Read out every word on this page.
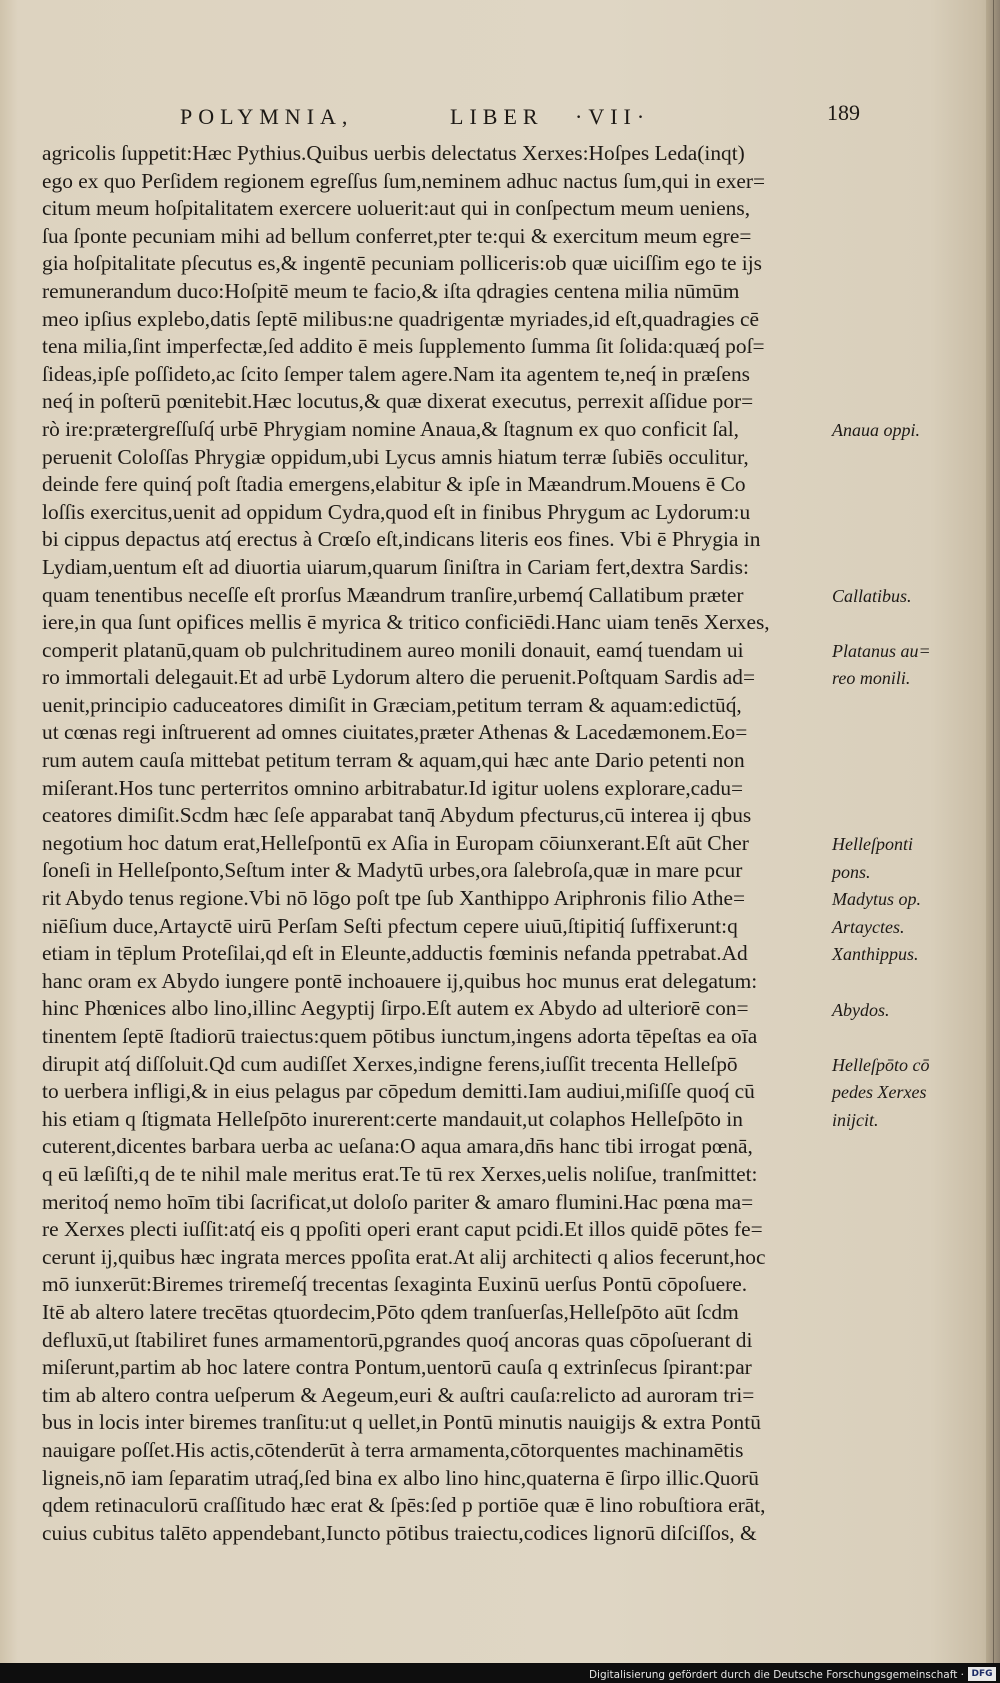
POLYMNIA,	LIBER ·VII·	189
agricolis ſuppetit:Hæc Pythius.Quibus uerbis delectatus Xerxes:Hoſpes Leda(inqt)
ego ex quo Perſidem regionem egreſſus ſum,neminem adhuc nactus ſum,qui in exer=
citum meum hoſpitalitatem exercere uoluerit:aut qui in conſpectum meum ueniens,
ſua ſponte pecuniam mihi ad bellum conferret,pter te:qui & exercitum meum egre=
gia hoſpitalitate pſecutus es,& ingentē pecuniam polliceris:ob quæ uiciſſim ego te ijs
remunerandum duco:Hoſpitē meum te facio,& iſta qdragies centena milia nūmūm
meo ipſius explebo,datis ſeptē milibus:ne quadrigentæ myriades,id eſt,quadragies cē
tena milia,ſint imperfectæ,ſed addito ē meis ſupplemento ſumma ſit ſolida:quæq́ poſ=
ſideas,ipſe poſſideto,ac ſcito ſemper talem agere.Nam ita agentem te,neq́ in præſens
neq́ in poſterū pœnitebit.Hæc locutus,& quæ dixerat executus, perrexit aſſidue por=
rò ire:prætergreſſuſq́ urbē Phrygiam nomine Anaua,& ſtagnum ex quo conficit ſal,
peruenit Coloſſas Phrygiæ oppidum,ubi Lycus amnis hiatum terræ ſubiēs occulitur,
deinde fere quinq́ poſt ſtadia emergens,elabitur & ipſe in Mæandrum.Mouens ē Co
loſſis exercitus,uenit ad oppidum Cydra,quod eſt in finibus Phrygum ac Lydorum:u
bi cippus depactus atq́ erectus à Crœſo eſt,indicans literis eos fines. Vbi ē Phrygia in
Lydiam,uentum eſt ad diuortia uiarum,quarum ſiniſtra in Cariam fert,dextra Sardis:
quam tenentibus neceſſe eſt prorſus Mæandrum tranſire,urbemq́ Callatibum præter
iere,in qua ſunt opifices mellis ē myrica & tritico conficiēdi.Hanc uiam tenēs Xerxes,
comperit platanū,quam ob pulchritudinem aureo monili donauit, eamq́ tuendam ui
ro immortali delegauit.Et ad urbē Lydorum altero die peruenit.Poſtquam Sardis ad=
uenit,principio caduceatores dimiſit in Græciam,petitum terram & aquam:edictūq́,
ut cœnas regi inſtruerent ad omnes ciuitates,præter Athenas & Lacedæmonem.Eo=
rum autem cauſa mittebat petitum terram & aquam,qui hæc ante Dario petenti non
miſerant.Hos tunc perterritos omnino arbitrabatur.Id igitur uolens explorare,cadu=
ceatores dimiſit.Scdm hæc ſeſe apparabat tanq̄ Abydum pfecturus,cū interea ij qbus
negotium hoc datum erat,Helleſpontū ex Aſia in Europam cōiunxerant.Eſt aūt Cher
ſoneſi in Helleſponto,Seſtum inter & Madytū urbes,ora ſalebroſa,quæ in mare pcur
rit Abydo tenus regione.Vbi nō lōgo poſt tpe ſub Xanthippo Ariphronis filio Athe=
niēſium duce,Artayctē uirū Perſam Seſti pfectum cepere uiuū,ſtipitiq́ ſuffixerunt:q
etiam in tēplum Proteſilai,qd eſt in Eleunte,adductis fœminis nefanda ppetrabat.Ad
hanc oram ex Abydo iungere pontē inchoauere ij,quibus hoc munus erat delegatum:
hinc Phœnices albo lino,illinc Aegyptij ſirpo.Eſt autem ex Abydo ad ulteriorē con=
tinentem ſeptē ſtadiorū traiectus:quem pōtibus iunctum,ingens adorta tēpeſtas ea oīa
dirupit atq́ diſſoluit.Qd cum audiſſet Xerxes,indigne ferens,iuſſit trecenta Helleſpō
to uerbera infligi,& in eius pelagus par cōpedum demitti.Iam audiui,miſiſſe quoq́ cū
his etiam q ſtigmata Helleſpōto inurerent:certe mandauit,ut colaphos Helleſpōto in
cuterent,dicentes barbara uerba ac ueſana:O aqua amara,dn̄s hanc tibi irrogat pœnā,
q eū læſiſti,q de te nihil male meritus erat.Te tū rex Xerxes,uelis noliſue, tranſmittet:
meritoq́ nemo hoīm tibi ſacrificat,ut doloſo pariter & amaro flumini.Hac pœna ma=
re Xerxes plecti iuſſit:atq́ eis q ppoſiti operi erant caput pcidi.Et illos quidē pōtes fe=
cerunt ij,quibus hæc ingrata merces ppoſita erat.At alij architecti q alios fecerunt,hoc
mō iunxerūt:Biremes triremeſq́ trecentas ſexaginta Euxinū uerſus Pontū cōpoſuere.
Itē ab altero latere trecētas qtuordecim,Pōto qdem tranſuerſas,Helleſpōto aūt ſcdm
defluxū,ut ſtabiliret funes armamentorū,pgrandes quoq́ ancoras quas cōpoſuerant di
miſerunt,partim ab hoc latere contra Pontum,uentorū cauſa q extrinſecus ſpirant:par
tim ab altero contra ueſperum & Aegeum,euri & auſtri cauſa:relicto ad auroram tri=
bus in locis inter biremes tranſitu:ut q uellet,in Pontū minutis nauigijs & extra Pontū
nauigare poſſet.His actis,cōtenderūt à terra armamenta,cōtorquentes machinamētis
ligneis,nō iam ſeparatim utraq́,ſed bina ex albo lino hinc,quaterna ē ſirpo illic.Quorū
qdem retinaculorū craſſitudo hæc erat & ſpēs:ſed p portiōe quæ ē lino robuſtiora erāt,
cuius cubitus talēto appendebant,Iuncto pōtibus traiectu,codices lignorū diſciſſos, &
Anaua oppi.
Callatibus.
Platanus au=
reo monili.
Helleſponti
pons.
Madytus op.
Artayctes.
Xanthippus.
Abydos.
Helleſpōto cō
pedes Xerxes
inijcit.
Digitalisierung gefördert durch die Deutsche Forschungsgemeinschaft · DFG
